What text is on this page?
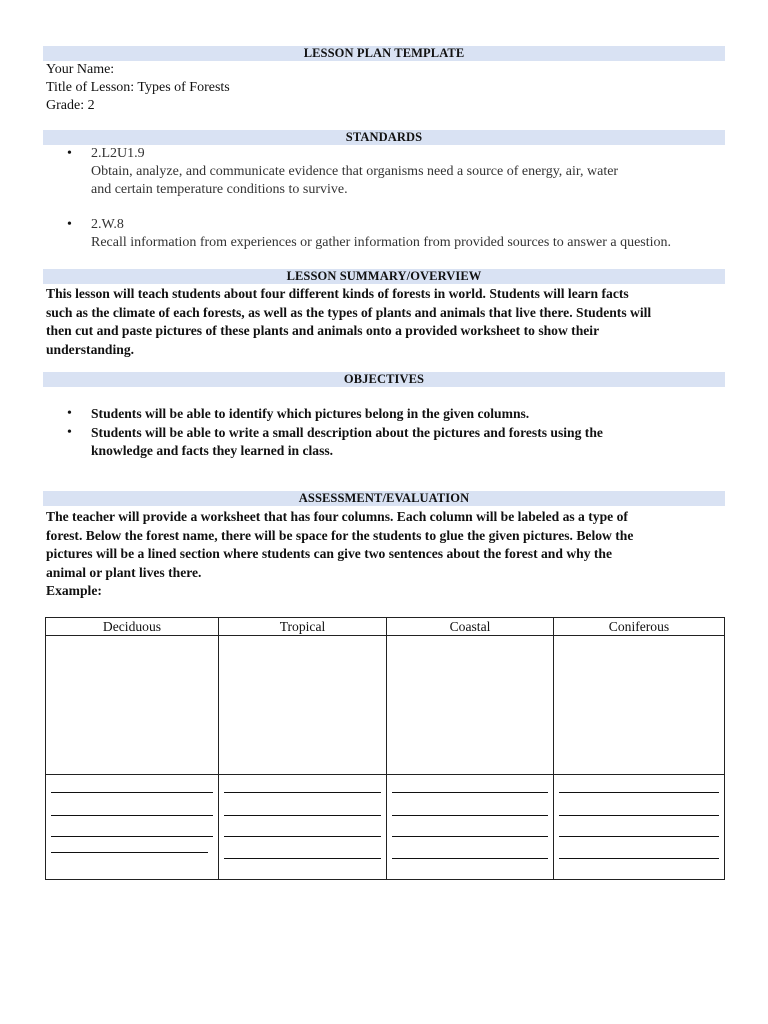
LESSON PLAN TEMPLATE
Your Name:
Title of Lesson: Types of Forests
Grade: 2
STANDARDS
• 2.L2U1.9
Obtain, analyze, and communicate evidence that organisms need a source of energy, air, water
and certain temperature conditions to survive.
• 2.W.8
Recall information from experiences or gather information from provided sources to answer a question.
LESSON SUMMARY/OVERVIEW
This lesson will teach students about four different kinds of forests in world. Students will learn facts
such as the climate of each forests, as well as the types of plants and animals that live there. Students will
then cut and paste pictures of these plants and animals onto a provided worksheet to show their
understanding.
OBJECTIVES
• Students will be able to identify which pictures belong in the given columns.
• Students will be able to write a small description about the pictures and forests using the
knowledge and facts they learned in class.
ASSESSMENT/EVALUATION
The teacher will provide a worksheet that has four columns. Each column will be labeled as a type of
forest. Below the forest name, there will be space for the students to glue the given pictures. Below the
pictures will be a lined section where students can give two sentences about the forest and why the
animal or plant lives there.
Example:
Deciduous	Tropical	Coastal	Coniferous
